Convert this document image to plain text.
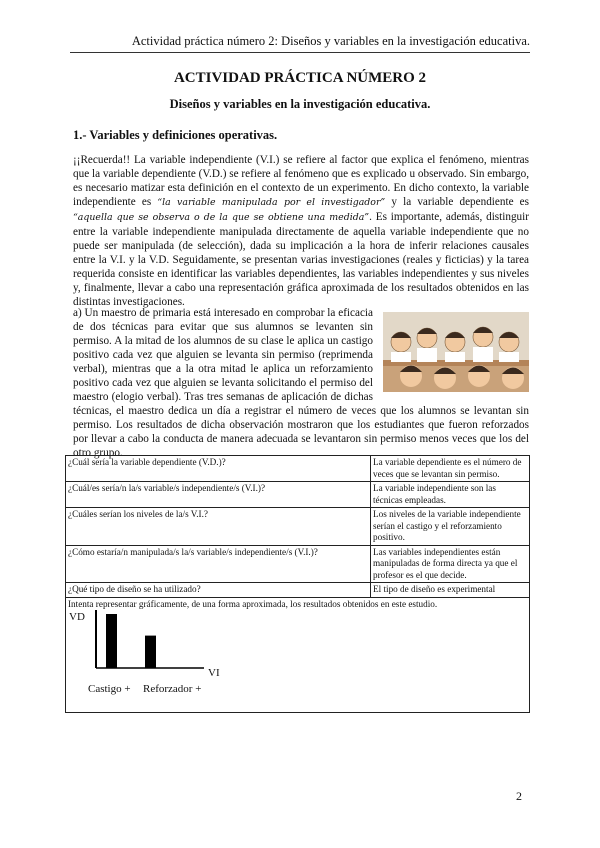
Actividad práctica número 2: Diseños y variables en la investigación educativa.
ACTIVIDAD PRÁCTICA NÚMERO 2
Diseños y variables en la investigación educativa.
1.- Variables y definiciones operativas.

¡¡Recuerda!! La variable independiente (V.I.) se refiere al factor que explica el fenómeno, mientras que la variable dependiente (V.D.) se refiere al fenómeno que es explicado u observado. Sin embargo, es necesario matizar esta definición en el contexto de un experimento. En dicho contexto, la variable independiente es “la variable manipulada por el investigador” y la variable dependiente es “aquella que se observa o de la que se obtiene una medida”. Es importante, además, distinguir entre la variable independiente manipulada directamente de aquella variable independiente que no puede ser manipulada (de selección), dada su implicación a la hora de inferir relaciones causales entre la V.I. y la V.D. Seguidamente, se presentan varias investigaciones (reales y ficticias) y la tarea requerida consiste en identificar las variables dependientes, las variables independientes y sus niveles y, finalmente, llevar a cabo una representación gráfica aproximada de los resultados obtenidos en las distintas investigaciones.

a) Un maestro de primaria está interesado en comprobar la eficacia de dos técnicas para evitar que sus alumnos se levanten sin permiso. A la mitad de los alumnos de su clase le aplica un castigo positivo cada vez que alguien se levanta sin permiso (reprimenda verbal), mientras que a la otra mitad le aplica un reforzamiento positivo cada vez que alguien se levanta solicitando el permiso del maestro (elogio verbal). Tras tres semanas de aplicación de dichas técnicas, el maestro dedica un día a registrar el número de veces que los alumnos se levantan sin permiso. Los resultados de dicha observación mostraron que los estudiantes que fueron reforzados por llevar a cabo la conducta de manera adecuada se levantaron sin permiso menos veces que los del otro grupo.

¿Cuál sería la variable dependiente (V.D.)?	La variable dependiente es el número de veces que se levantan sin permiso.
¿Cuál/es sería/n la/s variable/s independiente/s (V.I.)?	La variable independiente son las técnicas empleadas.
¿Cuáles serían los niveles de la/s V.I.?	Los niveles de la variable independiente serían el castigo y el reforzamiento positivo.
¿Cómo estaría/n manipulada/s la/s variable/s independiente/s (V.I.)?	Las variables independientes están manipuladas de forma directa ya que el profesor es el que decide.
¿Qué tipo de diseño se ha utilizado?	El tipo de diseño es experimental

Intenta representar gráficamente, de una forma aproximada, los resultados obtenidos en este estudio.
VD
VI
Castigo + Reforzador +	
2
